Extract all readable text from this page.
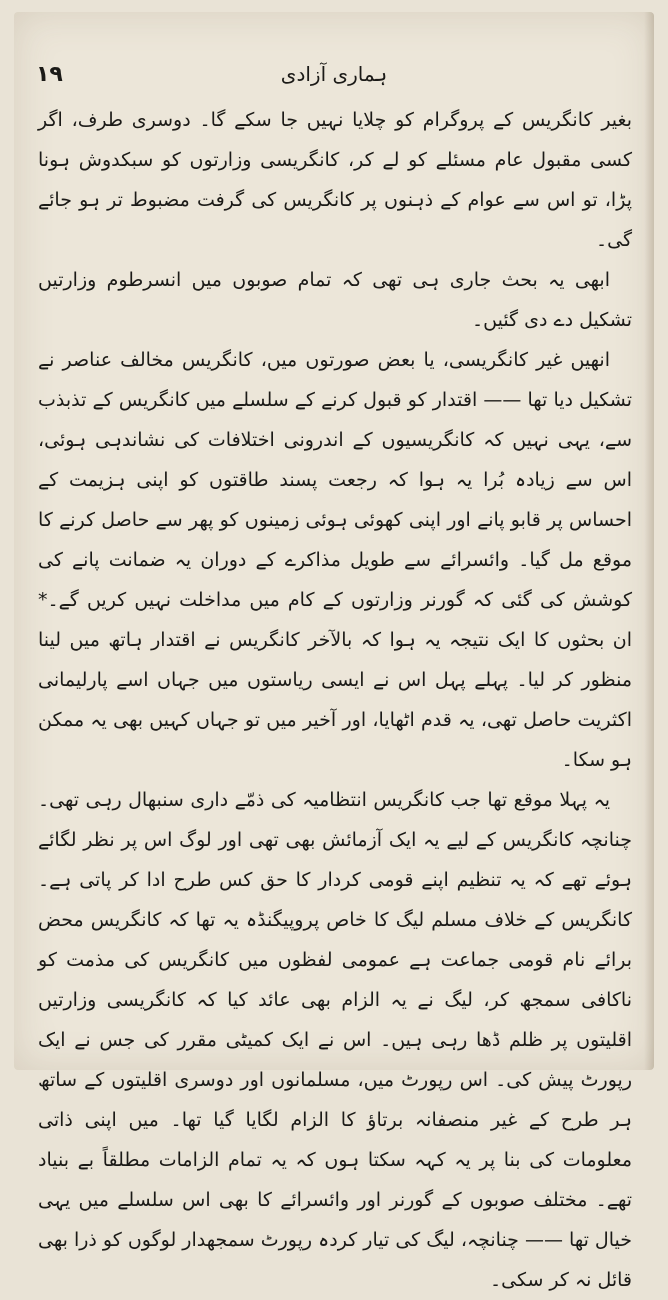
١٩	ہماری آزادی

بغیر کانگریس کے پروگرام کو چلایا نہیں جا سکے گا۔ دوسری طرف، اگر کسی مقبول عام مسئلے کو لے کر، کانگریسی وزارتوں کو سبکدوش ہونا پڑا، تو اس سے عوام کے ذہنوں پر کانگریس کی گرفت مضبوط تر ہو جائے گی۔

ابھی یہ بحث جاری ہی تھی کہ تمام صوبوں میں انسرطوم وزارتیں تشکیل دے دی گئیں۔

انھیں غیر کانگریسی، یا بعض صورتوں میں، کانگریس مخالف عناصر نے تشکیل دیا تھا —— اقتدار کو قبول کرنے کے سلسلے میں کانگریس کے تذبذب سے، یہی نہیں کہ کانگریسیوں کے اندرونی اختلافات کی نشاندہی ہوئی، اس سے زیادہ بُرا یہ ہوا کہ رجعت پسند طاقتوں کو اپنی ہزیمت کے احساس پر قابو پانے اور اپنی کھوئی ہوئی زمینوں کو پھر سے حاصل کرنے کا موقع مل گیا۔ وائسرائے سے طویل مذاکرے کے دوران یہ ضمانت پانے کی کوشش کی گئی کہ گورنر وزارتوں کے کام میں مداخلت نہیں کریں گے۔* ان بحثوں کا ایک نتیجہ یہ ہوا کہ بالآخر کانگریس نے اقتدار ہاتھ میں لینا منظور کر لیا۔ پہلے پہل اس نے ایسی ریاستوں میں جہاں اسے پارلیمانی اکثریت حاصل تھی، یہ قدم اٹھایا، اور آخیر میں تو جہاں کہیں بھی یہ ممکن ہو سکا۔

یہ پہلا موقع تھا جب کانگریس انتظامیہ کی ذمّے داری سنبھال رہی تھی۔ چنانچہ کانگریس کے لیے یہ ایک آزمائش بھی تھی اور لوگ اس پر نظر لگائے ہوئے تھے کہ یہ تنظیم اپنے قومی کردار کا حق کس طرح ادا کر پاتی ہے۔ کانگریس کے خلاف مسلم لیگ کا خاص پروپیگنڈہ یہ تھا کہ کانگریس محض برائے نام قومی جماعت ہے عمومی لفظوں میں کانگریس کی مذمت کو ناکافی سمجھ کر، لیگ نے یہ الزام بھی عائد کیا کہ کانگریسی وزارتیں اقلیتوں پر ظلم ڈھا رہی ہیں۔ اس نے ایک کمیٹی مقرر کی جس نے ایک رپورٹ پیش کی۔ اس رپورٹ میں، مسلمانوں اور دوسری اقلیتوں کے ساتھ ہر طرح کے غیر منصفانہ برتاؤ کا الزام لگایا گیا تھا۔ میں اپنی ذاتی معلومات کی بنا پر یہ کہہ سکتا ہوں کہ یہ تمام الزامات مطلقاً بے بنیاد تھے۔ مختلف صوبوں کے گورنر اور وائسرائے کا بھی اس سلسلے میں یہی خیال تھا —— چنانچہ، لیگ کی تیار کردہ رپورٹ سمجھدار لوگوں کو ذرا بھی قائل نہ کر سکی۔
